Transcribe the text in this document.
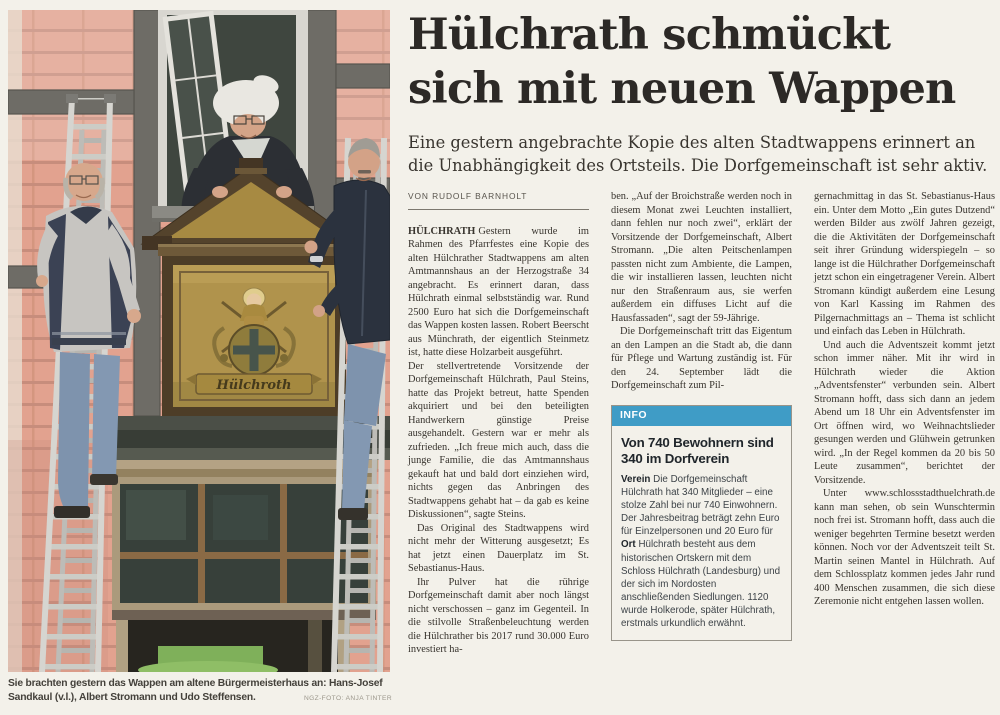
Hülchroth
Sie brachten gestern das Wappen am altene Bürgermeisterhaus an: Hans-Josef Sandkaul (v.l.), Albert Stromann und Udo Steffensen.	NGZ-FOTO: ANJA TINTER
Hülchrath schmückt
sich mit neuen Wappen
Eine gestern angebrachte Kopie des alten Stadtwappens erinnert an die Unabhängigkeit des Ortsteils. Die Dorfgemeinschaft ist sehr aktiv.
VON RUDOLF BARNHOLT

HÜLCHRATH Gestern wurde im Rahmen des Pfarrfestes eine Kopie des alten Hülchrather Stadtwappens am alten Amtmannshaus an der Herzogstraße 34 angebracht. Es erinnert daran, dass Hülchrath einmal selbstständig war. Rund 2500 Euro hat sich die Dorfgemeinschaft das Wappen kosten lassen. Robert Beerscht aus Münchrath, der eigentlich Steinmetz ist, hatte diese Holzarbeit ausgeführt.

Der stellvertretende Vorsitzende der Dorfgemeinschaft Hülchrath, Paul Steins, hatte das Projekt betreut, hatte Spenden akquiriert und bei den beteiligten Handwerkern günstige Preise ausgehandelt. Gestern war er mehr als zufrieden. „Ich freue mich auch, dass die junge Familie, die das Amtmannshaus gekauft hat und bald dort einziehen wird, nichts gegen das Anbringen des Stadtwappens gehabt hat – da gab es keine Diskussionen“, sagte Steins.

Das Original des Stadtwappens wird nicht mehr der Witterung ausgesetzt; Es hat jetzt einen Dauerplatz im St. Sebastianus-Haus.

Ihr Pulver hat die rührige Dorfgemeinschaft damit aber noch längst nicht verschossen – ganz im Gegenteil. In die stilvolle Straßenbeleuchtung werden die Hülchrather bis 2017 rund 30.000 Euro investiert ha-

ben. „Auf der Broichstraße werden noch in diesem Monat zwei Leuchten installiert, dann fehlen nur noch zwei“, erklärt der Vorsitzende der Dorfgemeinschaft, Albert Stromann. „Die alten Peitschenlampen passten nicht zum Ambiente, die Lampen, die wir installieren lassen, leuchten nicht nur den Straßenraum aus, sie werfen außerdem ein diffuses Licht auf die Hausfassaden“, sagt der 59-Jährige.

Die Dorfgemeinschaft tritt das Eigentum an den Lampen an die Stadt ab, die dann für Pflege und Wartung zuständig ist. Für den 24. September lädt die Dorfgemeinschaft zum Pil-

INFO
Von 740 Bewohnern sind 340 im Dorfverein

Verein Die Dorfgemeinschaft Hülchrath hat 340 Mitglieder – eine stolze Zahl bei nur 740 Einwohnern. Der Jahresbeitrag beträgt zehn Euro für Einzelpersonen und 20 Euro für

Ort Hülchrath besteht aus dem historischen Ortskern mit dem Schloss Hülchrath (Landesburg) und der sich im Nordosten anschließenden Siedlungen. 1120 wurde Holkerode, später Hülchrath, erstmals urkundlich erwähnt.

gernachmittag in das St. Sebastianus-Haus ein. Unter dem Motto „Ein gutes Dutzend“ werden Bilder aus zwölf Jahren gezeigt, die die Aktivitäten der Dorfgemeinschaft seit ihrer Gründung widerspiegeln – so lange ist die Hülchrather Dorfgemeinschaft jetzt schon ein eingetragener Verein. Albert Stromann kündigt außerdem eine Lesung von Karl Kassing im Rahmen des Pilgernachmittags an – Thema ist schlicht und einfach das Leben in Hülchrath.

Und auch die Adventszeit kommt jetzt schon immer näher. Mit ihr wird in Hülchrath wieder die Aktion „Adventsfenster“ verbunden sein. Albert Stromann hofft, dass sich dann an jedem Abend um 18 Uhr ein Adventsfenster im Ort öffnen wird, wo Weihnachtslieder gesungen werden und Glühwein getrunken wird. „In der Regel kommen da 20 bis 50 Leute zusammen“, berichtet der Vorsitzende.

Unter www.schlossstadthuelchrath.de kann man sehen, ob sein Wunschtermin noch frei ist. Stromann hofft, dass auch die weniger begehrten Termine besetzt werden können. Noch vor der Adventszeit teilt St. Martin seinen Mantel in Hülchrath. Auf dem Schlossplatz kommen jedes Jahr rund 400 Menschen zusammen, die sich diese Zeremonie nicht entgehen lassen wollen.
